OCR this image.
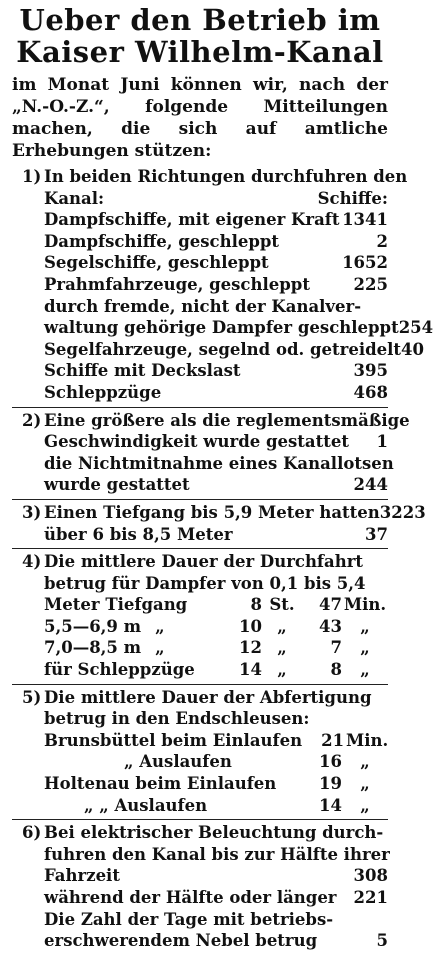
Ueber den Betrieb im
Kaiser Wilhelm-Kanal

im Monat Juni können wir, nach der „N.-O.-Z.“, folgende Mitteilungen machen, die sich auf amtliche Erhebungen stützen:

1) In beiden Richtungen durchfuhren den
Kanal:	Schiffe:
Dampfschiffe, mit eigener Kraft 1341
Dampfschiffe, geschleppt	2
Segelschiffe, geschleppt	1652
Prahmfahrzeuge, geschleppt	225
durch fremde, nicht der Kanalver-
waltung gehörige Dampfer geschleppt 254
Segelfahrzeuge, segelnd od. getreidelt 40
Schiffe mit Deckslast	395
Schleppzüge	468
2) Eine größere als die reglementsmäßige
Geschwindigkeit wurde gestattet 1
die Nichtmitnahme eines Kanallotsen
wurde gestattet	244
3) Einen Tiefgang bis 5,9 Meter hatten 3223
über 6 bis 8,5 Meter	37
4) Die mittlere Dauer der Durchfahrt
betrug für Dampfer von 0,1 bis 5,4
Meter Tiefgang	8 St. 47 Min.
5,5—6,9 m „	10 „ 43 „
7,0—8,5 m „	12 „	7 „
für Schleppzüge	14 „	8 „
5) Die mittlere Dauer der Abfertigung
betrug in den Endschleusen:
Brunsbüttel beim Einlaufen	21 Min.
„ Auslaufen	16 „
Holtenau beim Einlaufen	19 „
„ „ Auslaufen	14 „
6) Bei elektrischer Beleuchtung durch-
fuhren den Kanal bis zur Hälfte ihrer
Fahrzeit	308
während der Hälfte oder länger 221
Die Zahl der Tage mit betriebs-
erschwerendem Nebel betrug	5
